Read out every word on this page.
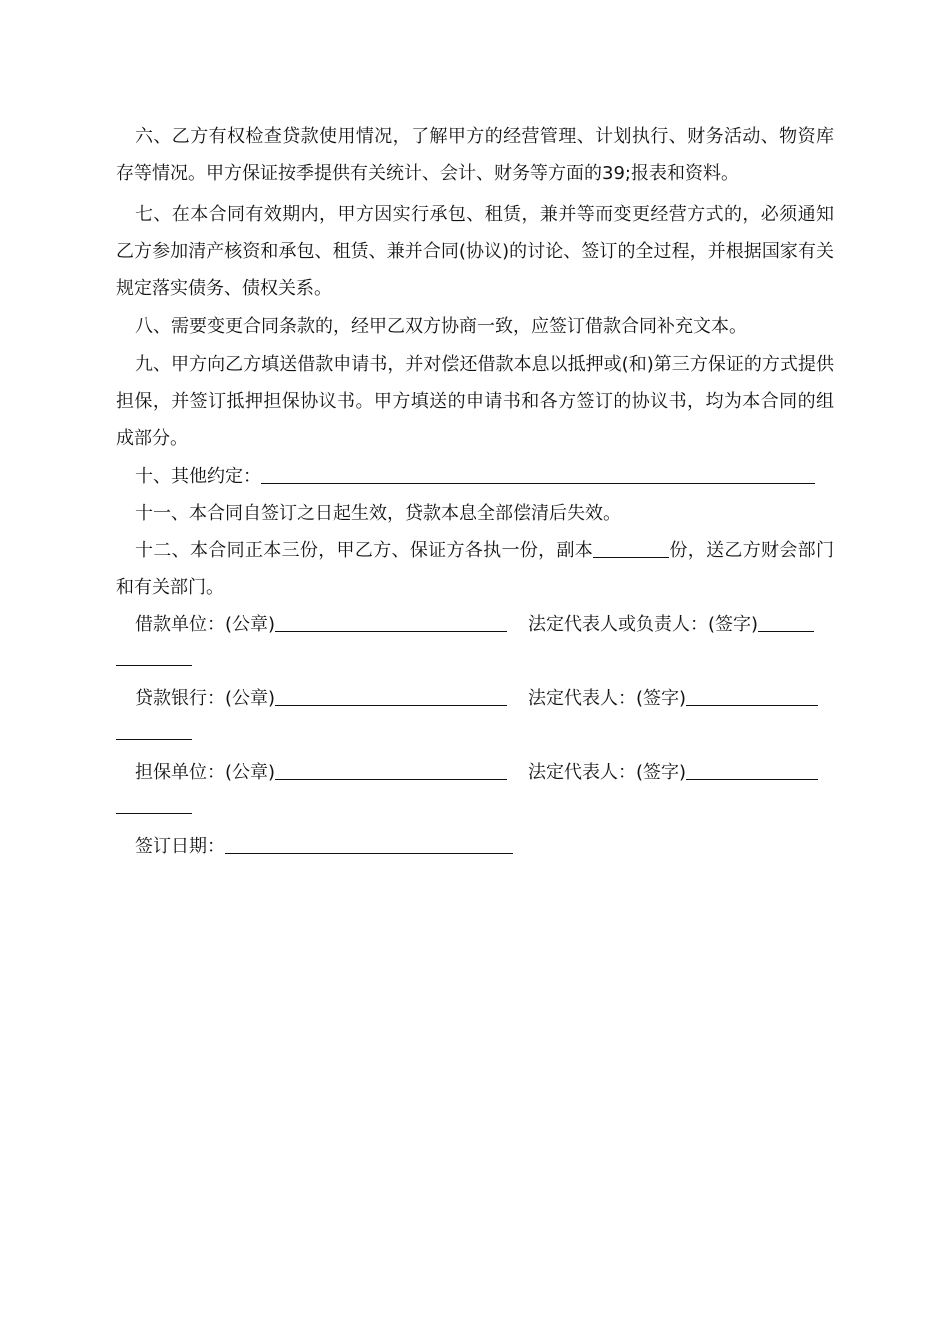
六、乙方有权检查贷款使用情况，了解甲方的经营管理、计划执行、财务活动、物资库存等情况。甲方保证按季提供有关统计、会计、财务等方面的39;报表和资料。

七、在本合同有效期内，甲方因实行承包、租赁，兼并等而变更经营方式的，必须通知乙方参加清产核资和承包、租赁、兼并合同(协议)的讨论、签订的全过程，并根据国家有关规定落实债务、债权关系。

八、需要变更合同条款的，经甲乙双方协商一致，应签订借款合同补充文本。

九、甲方向乙方填送借款申请书，并对偿还借款本息以抵押或(和)第三方保证的方式提供担保，并签订抵押担保协议书。甲方填送的申请书和各方签订的协议书，均为本合同的组成部分。

十、其他约定：

十一、本合同自签订之日起生效，贷款本息全部偿清后失效。

十二、本合同正本三份，甲乙方、保证方各执一份，副本	份，送乙方财会部门和有关部门。
借款单位：(公章)	法定代表人或负责人：(签字)
贷款银行：(公章)	法定代表人：(签字)
担保单位：(公章)	法定代表人：(签字)
签订日期：
